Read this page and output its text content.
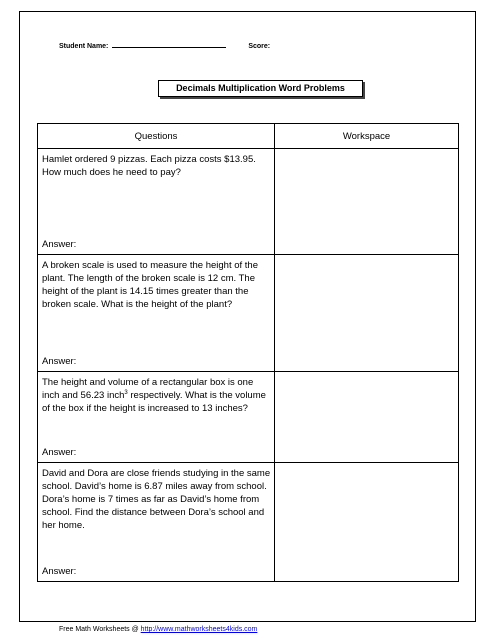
Student Name:	Score:
Decimals Multiplication Word Problems
Questions	Workspace

Hamlet ordered 9 pizzas. Each pizza costs $13.95. How much does he need to pay?
Answer:	

A broken scale is used to measure the height of the plant. The length of the broken scale is 12 cm. The height of the plant is 14.15 times greater than the broken scale. What is the height of the plant?
Answer:	

The height and volume of a rectangular box is one inch and 56.23 inch$^3$ respectively. What is the volume of the box if the height is increased to 13 inches?
Answer:	

David and Dora are close friends studying in the same school. David’s home is 6.87 miles away from school. Dora’s home is 7 times as far as David’s home from school. Find the distance between Dora’s school and her home.
Answer:	

Free Math Worksheets @ http://www.mathworksheets4kids.com
